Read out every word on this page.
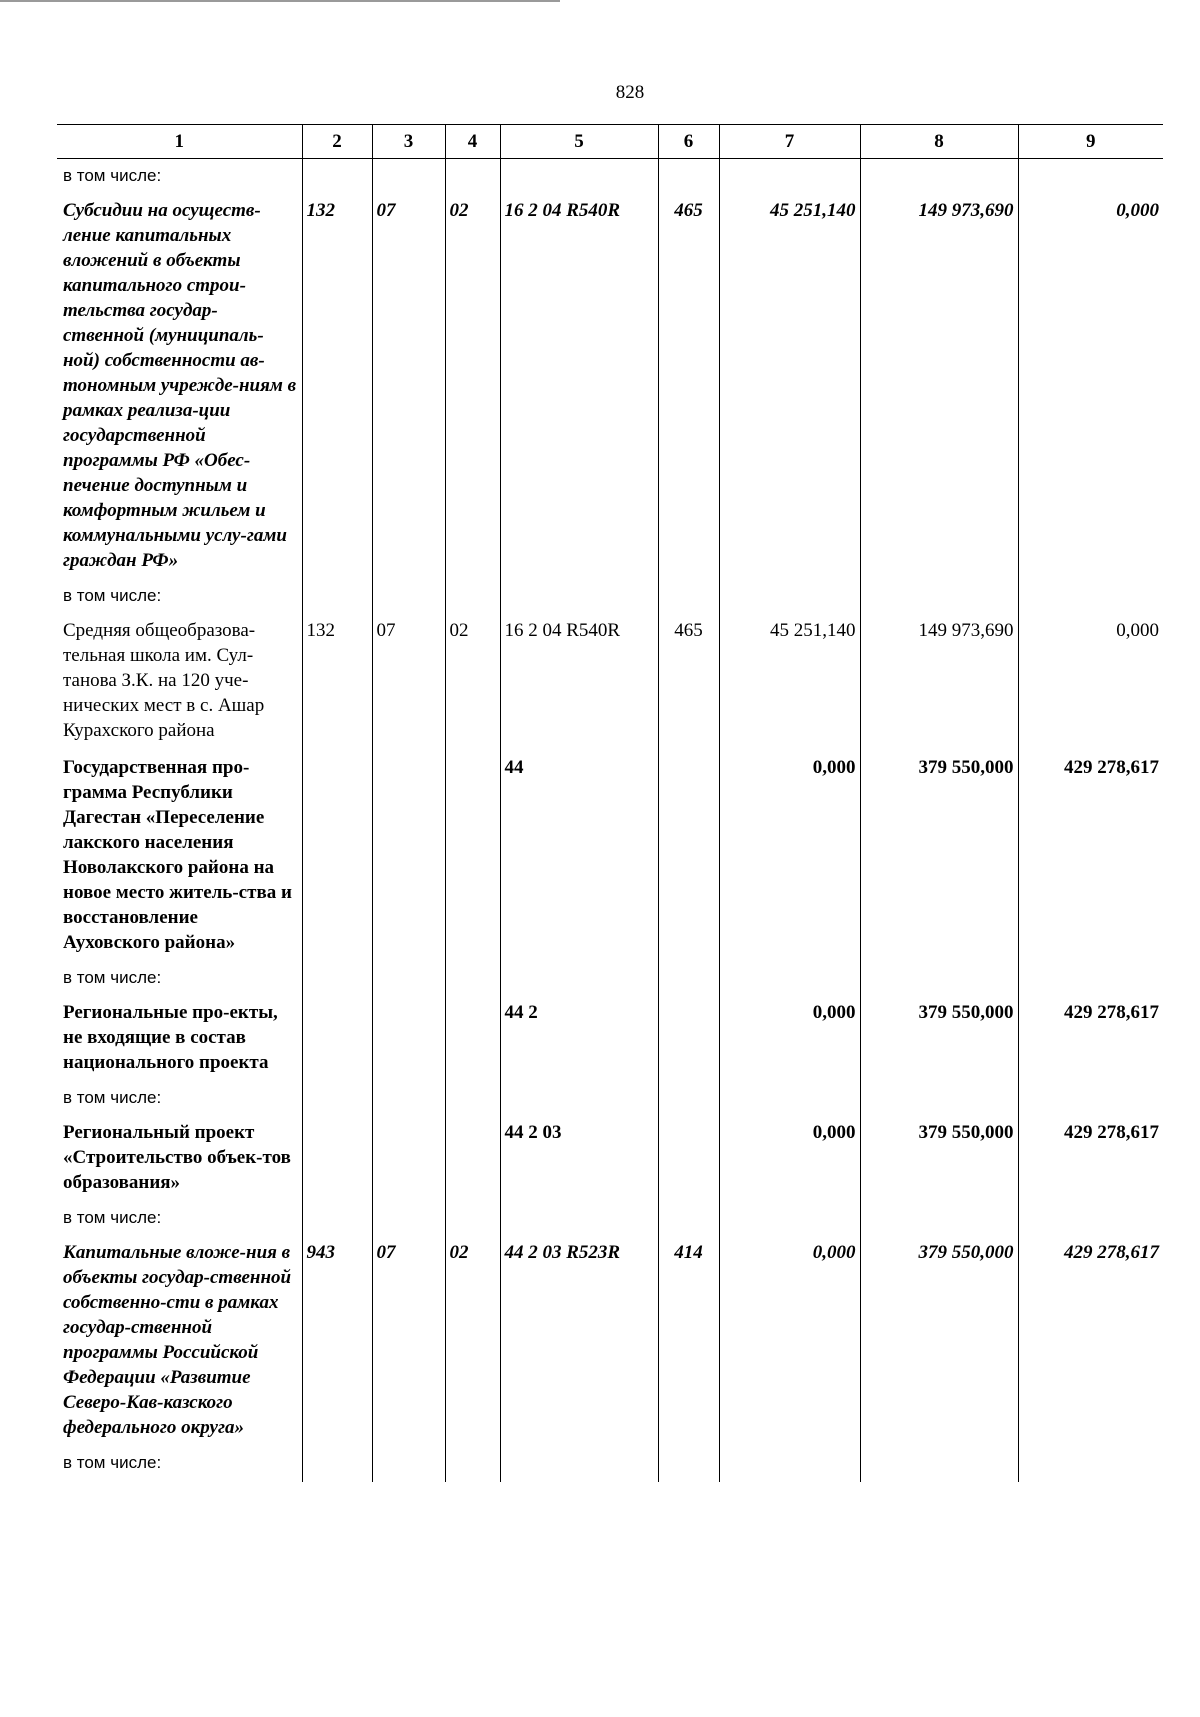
828
1	2	3	4	5	6	7	8	9
в том числе:								
Субсидии на осуществ-ление капитальных вложений в объекты капитального строи-тельства государ-ственной (муниципаль-ной) собственности ав-тономным учрежде-ниям в рамках реализа-ции государственной программы РФ «Обес-печение доступным и комфортным жильем и коммунальными услу-гами граждан РФ»	132	07	02	16 2 04 R540R	465	45 251,140	149 973,690	0,000
в том числе:								
Средняя общеобразова-тельная школа им. Сул-танова З.К. на 120 уче-нических мест в с. Ашар Курахского района	132	07	02	16 2 04 R540R	465	45 251,140	149 973,690	0,000
Государственная про-грамма Республики Дагестан «Переселение лакского населения Новолакского района на новое место житель-ства и восстановление Ауховского района»				44		0,000	379 550,000	429 278,617
в том числе:								
Региональные про-екты, не входящие в состав национального проекта				44 2		0,000	379 550,000	429 278,617
в том числе:								
Региональный проект «Строительство объек-тов образования»				44 2 03		0,000	379 550,000	429 278,617
в том числе:								
Капитальные вложе-ния в объекты государ-ственной собственно-сти в рамках государ-ственной программы Российской Федерации «Развитие Северо-Кав-казского федерального округа»	943	07	02	44 2 03 R523R	414	0,000	379 550,000	429 278,617
в том числе:								
